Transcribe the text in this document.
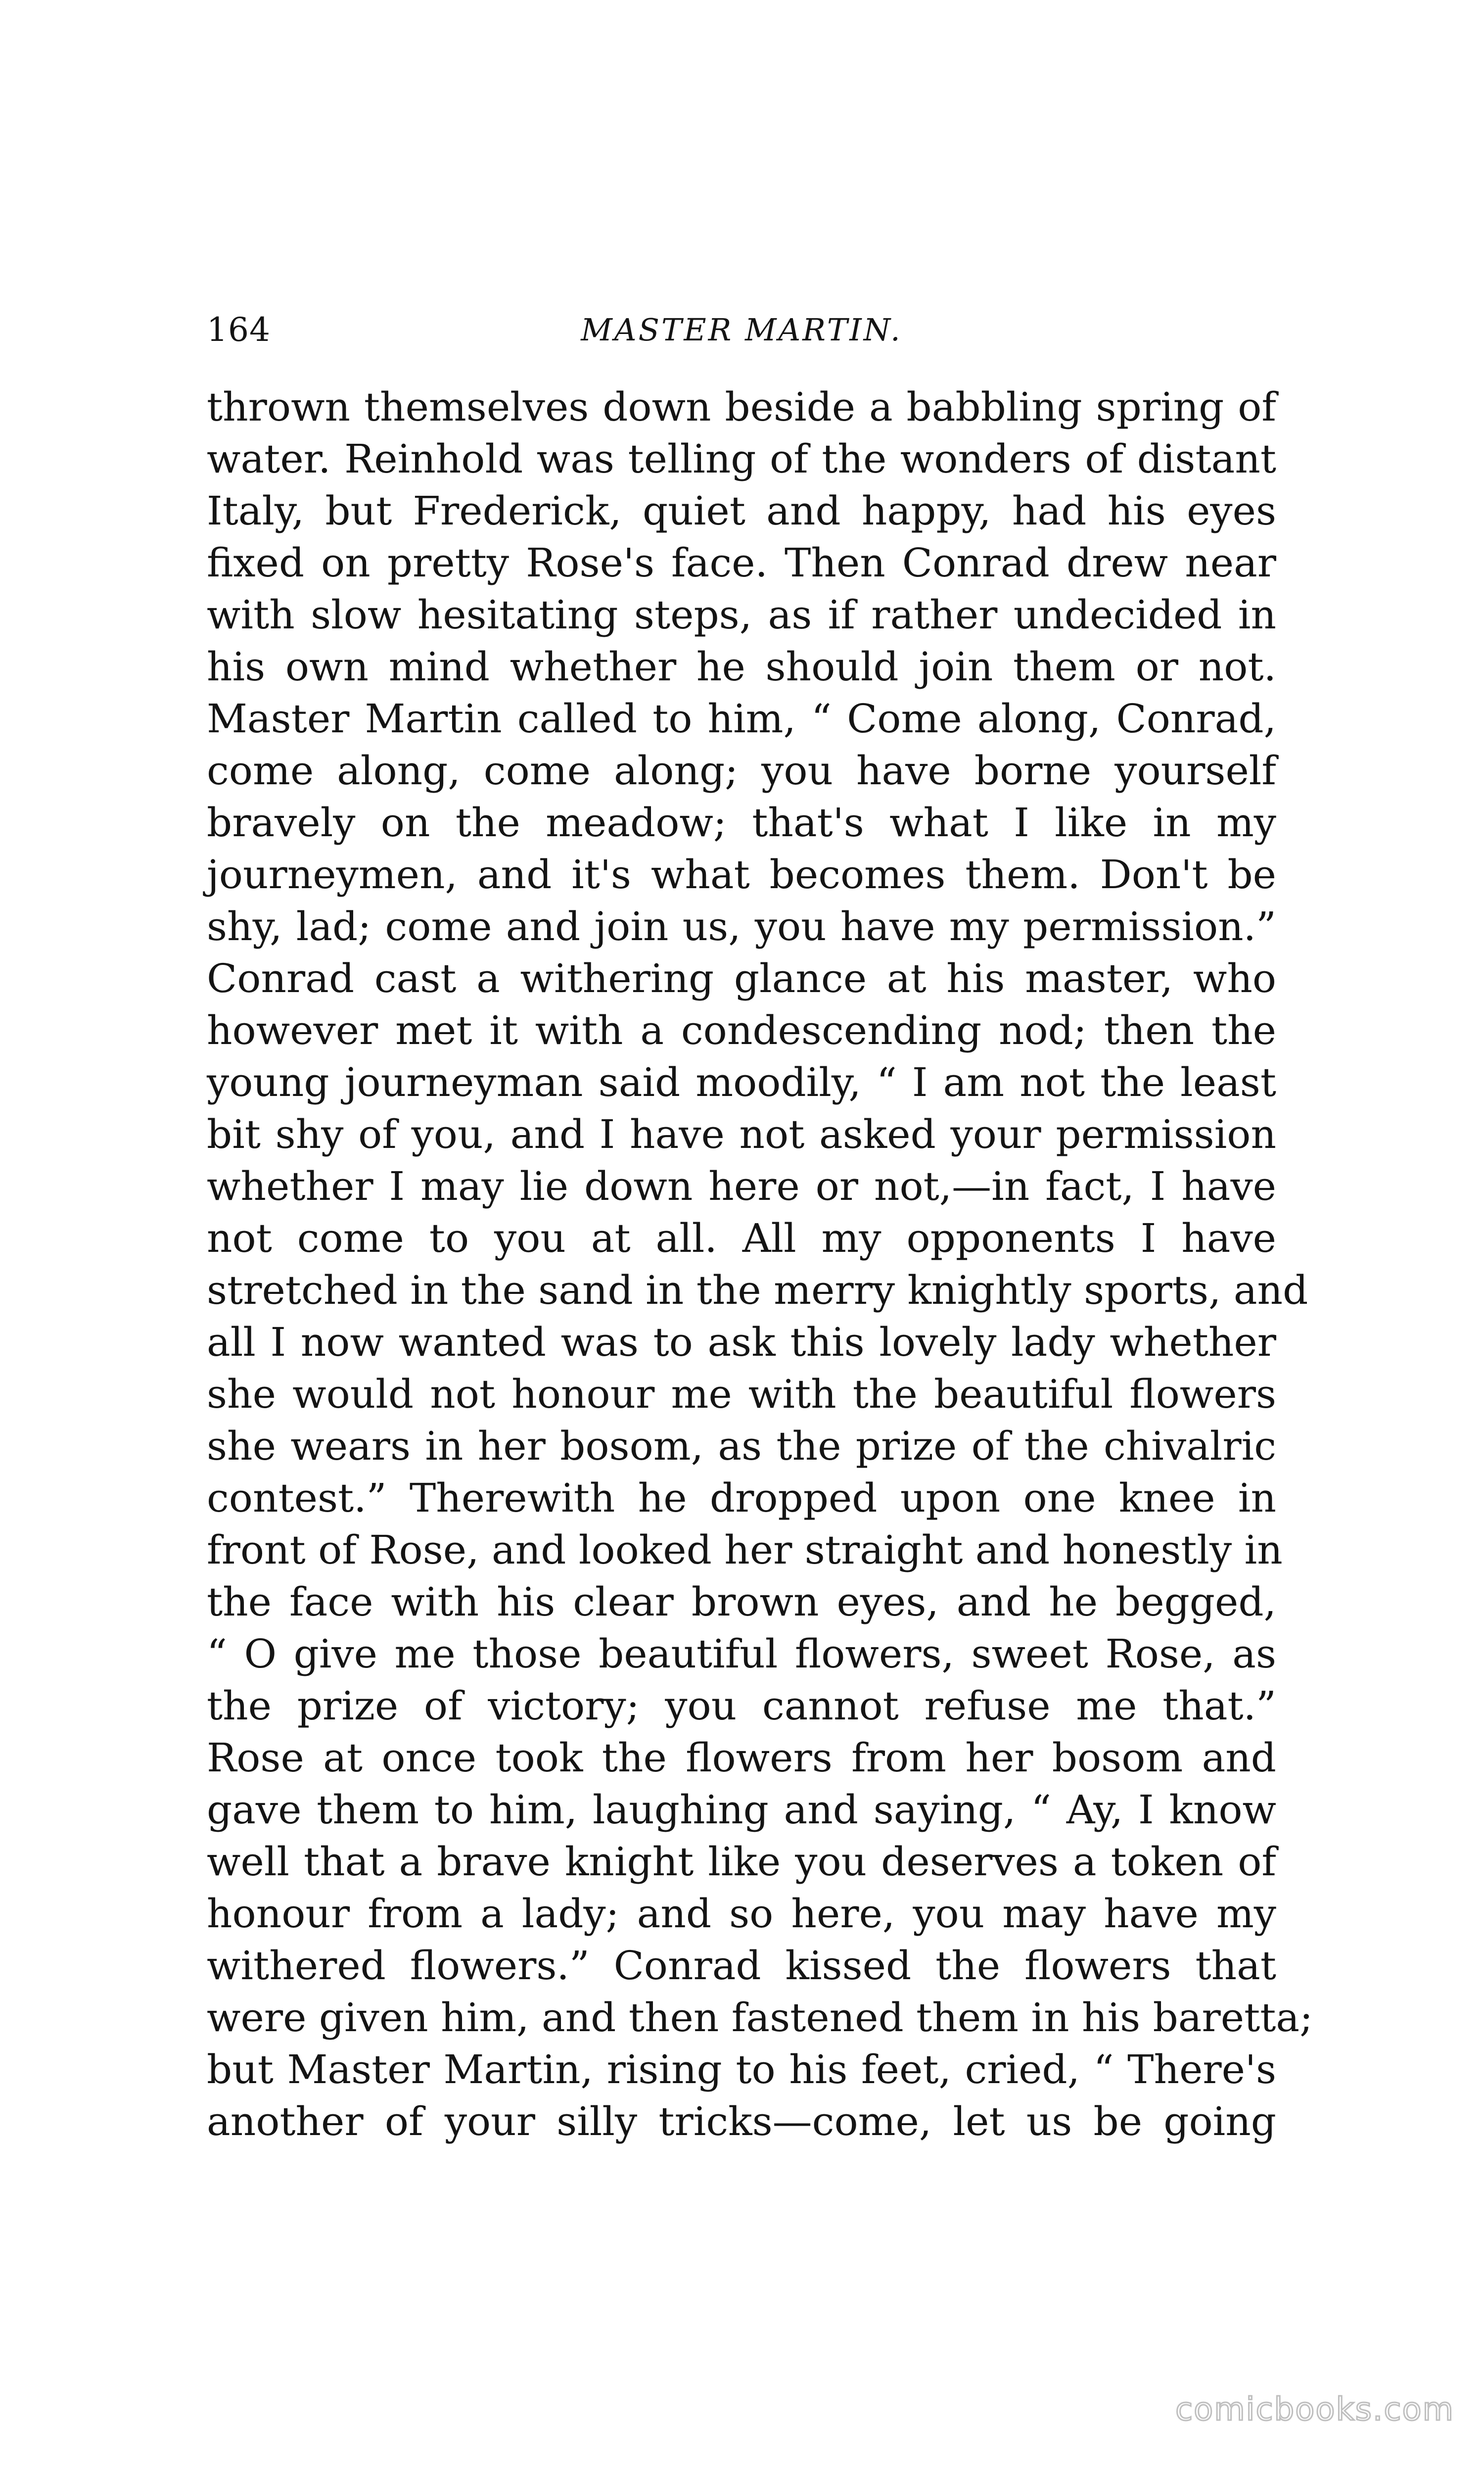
164	MASTER MARTIN.
thrown themselves down beside a babbling spring of
water. Reinhold was telling of the wonders of distant
Italy, but Frederick, quiet and happy, had his eyes
fixed on pretty Rose's face. Then Conrad drew near
with slow hesitating steps, as if rather undecided in
his own mind whether he should join them or not.
Master Martin called to him, “ Come along, Conrad,
come along, come along; you have borne yourself
bravely on the meadow; that's what I like in my
journeymen, and it's what becomes them. Don't be
shy, lad; come and join us, you have my permission.”
Conrad cast a withering glance at his master, who
however met it with a condescending nod; then the
young journeyman said moodily, “ I am not the least
bit shy of you, and I have not asked your permission
whether I may lie down here or not,—in fact, I have
not come to you at all. All my opponents I have
stretched in the sand in the merry knightly sports, and
all I now wanted was to ask this lovely lady whether
she would not honour me with the beautiful flowers
she wears in her bosom, as the prize of the chivalric
contest.” Therewith he dropped upon one knee in
front of Rose, and looked her straight and honestly in
the face with his clear brown eyes, and he begged,
“ O give me those beautiful flowers, sweet Rose, as
the prize of victory; you cannot refuse me that.”
Rose at once took the flowers from her bosom and
gave them to him, laughing and saying, “ Ay, I know
well that a brave knight like you deserves a token of
honour from a lady; and so here, you may have my
withered flowers.” Conrad kissed the flowers that
were given him, and then fastened them in his baretta;
but Master Martin, rising to his feet, cried, “ There's
another of your silly tricks—come, let us be going
comicbooks.com
